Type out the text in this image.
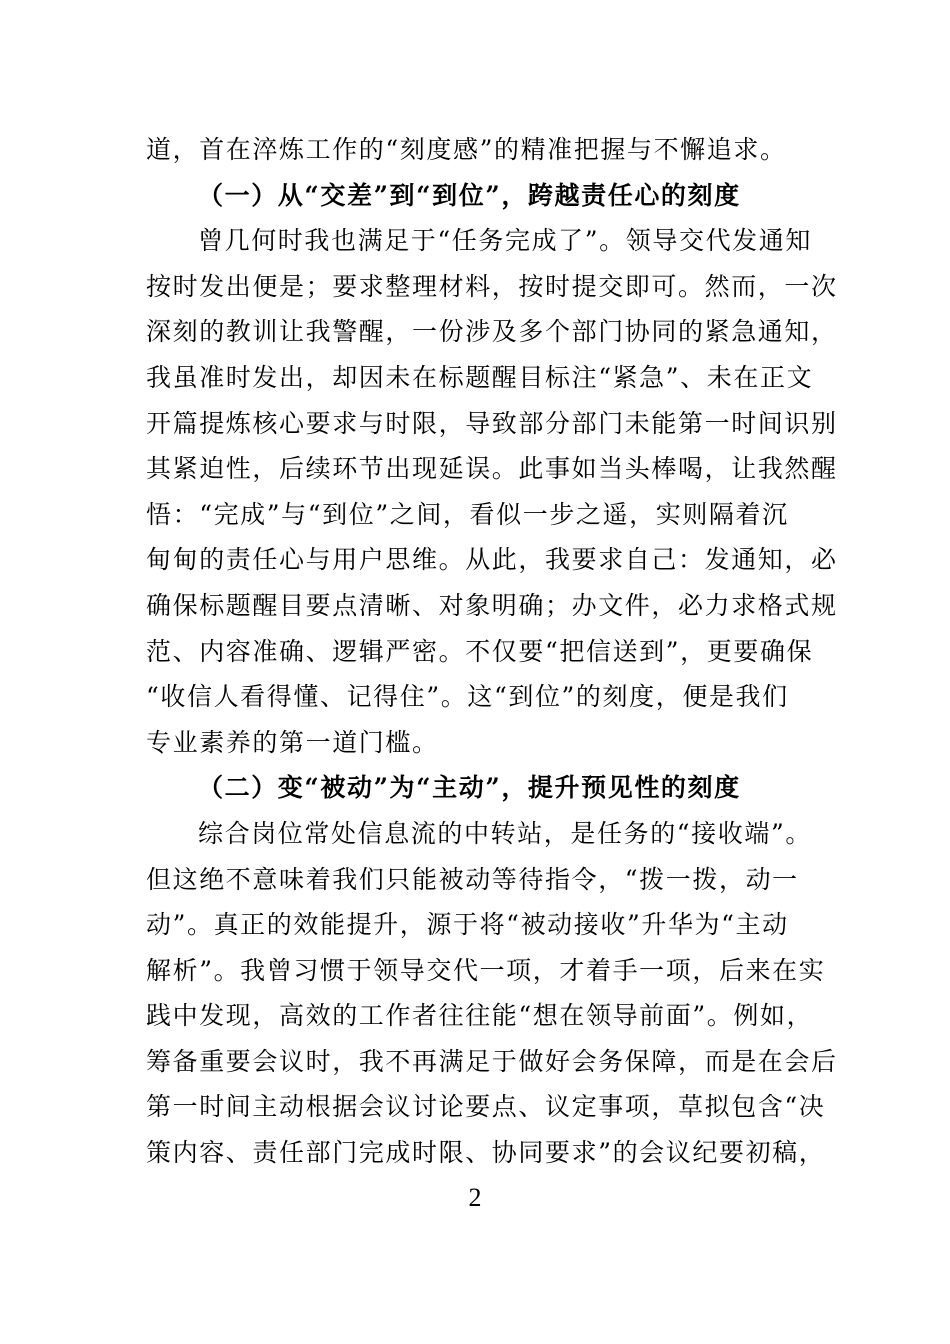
道，首在淬炼工作的“刻度感”的精准把握与不懈追求。
（一）从“交差”到“到位”，跨越责任心的刻度
曾几何时我也满足于“任务完成了”。领导交代发通知
按时发出便是；要求整理材料，按时提交即可。然而，一次
深刻的教训让我警醒，一份涉及多个部门协同的紧急通知，
我虽准时发出，却因未在标题醒目标注“紧急”、未在正文
开篇提炼核心要求与时限，导致部分部门未能第一时间识别
其紧迫性，后续环节出现延误。此事如当头棒喝，让我然醒
悟：“完成”与“到位”之间，看似一步之遥，实则隔着沉
甸甸的责任心与用户思维。从此，我要求自己：发通知，必
确保标题醒目要点清晰、对象明确；办文件，必力求格式规
范、内容准确、逻辑严密。不仅要“把信送到”，更要确保
“收信人看得懂、记得住”。这“到位”的刻度，便是我们
专业素养的第一道门槛。
（二）变“被动”为“主动”，提升预见性的刻度
综合岗位常处信息流的中转站，是任务的“接收端”。
但这绝不意味着我们只能被动等待指令，“拨一拨，动一
动”。真正的效能提升，源于将“被动接收”升华为“主动
解析”。我曾习惯于领导交代一项，才着手一项，后来在实
践中发现，高效的工作者往往能“想在领导前面”。例如，
筹备重要会议时，我不再满足于做好会务保障，而是在会后
第一时间主动根据会议讨论要点、议定事项，草拟包含“决
策内容、责任部门完成时限、协同要求”的会议纪要初稿，
2
